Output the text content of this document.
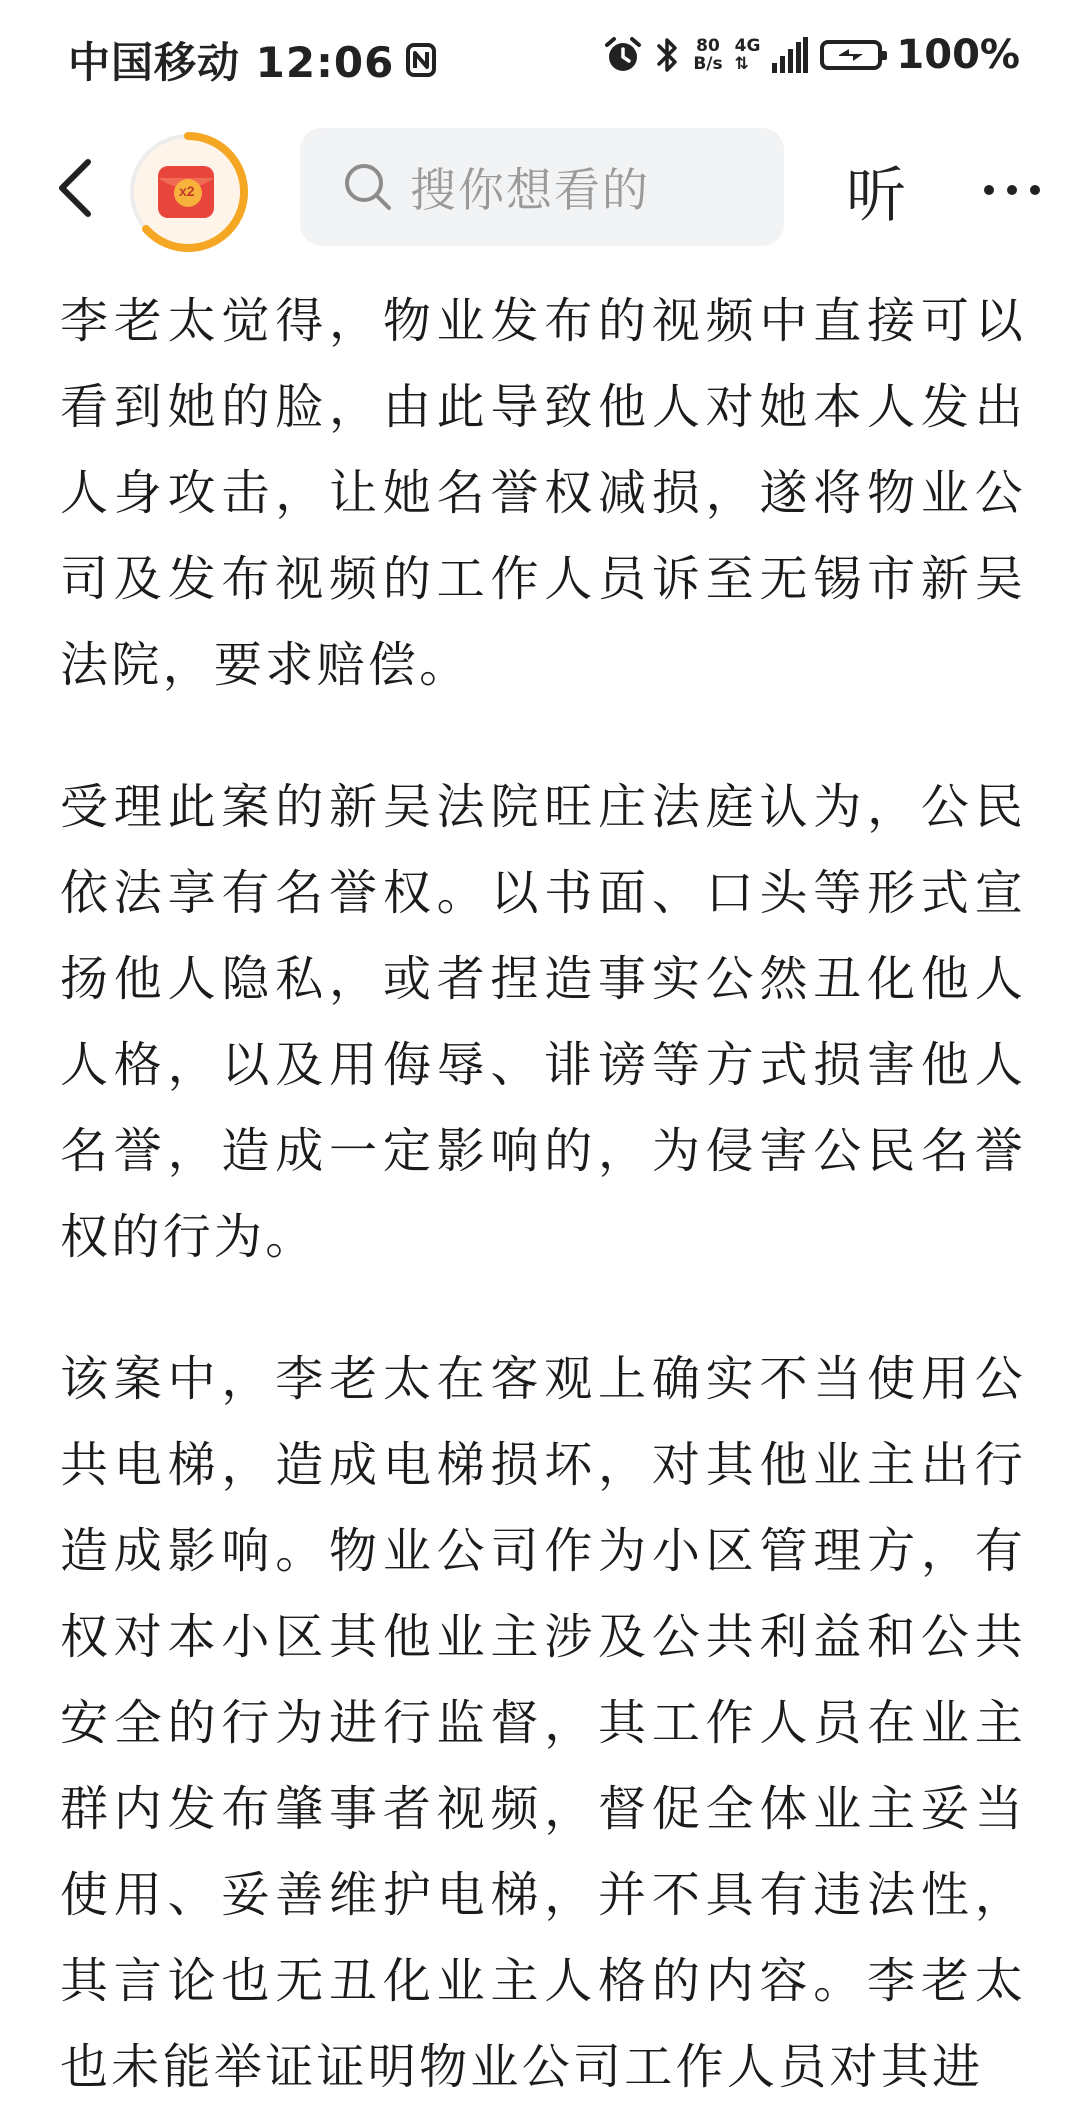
中国移动 12:06	80
B/s
4G
⇅	100%
x2	搜你想看的	听

李老太觉得，物业发布的视频中直接可以看到她的脸，由此导致他人对她本人发出人身攻击，让她名誉权减损，遂将物业公司及发布视频的工作人员诉至无锡市新吴法院，要求赔偿。

受理此案的新吴法院旺庄法庭认为，公民依法享有名誉权。以书面、口头等形式宣扬他人隐私，或者捏造事实公然丑化他人人格，以及用侮辱、诽谤等方式损害他人名誉，造成一定影响的，为侵害公民名誉权的行为。

该案中，李老太在客观上确实不当使用公共电梯，造成电梯损坏，对其他业主出行造成影响。物业公司作为小区管理方，有权对本小区其他业主涉及公共利益和公共安全的行为进行监督，其工作人员在业主群内发布肇事者视频，督促全体业主妥当使用、妥善维护电梯，并不具有违法性，其言论也无丑化业主人格的内容。李老太也未能举证证明物业公司工作人员对其进
